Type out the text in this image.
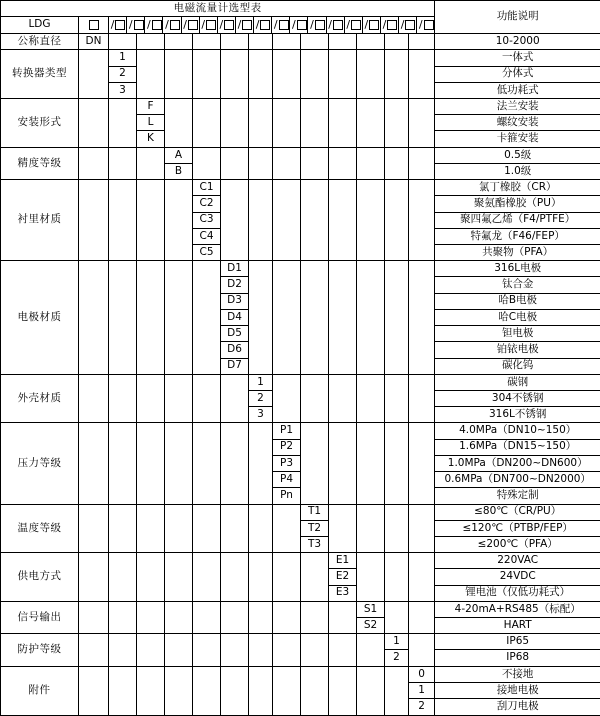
电磁流量计选型表														功能说明
LDG		/ / / / / / / / / / / / / / / / / /

公称直径	DN													10-2000
转换器类型		1												一体式
		2												分体式
		3												低功耗式
安装形式			F											法兰安装
			L											螺纹安装
			K											卡箍安装
精度等级				A										0.5级
				B										1.0级
衬里材质					C1									氯丁橡胶（CR）
					C2									聚氨酯橡胶（PU）
					C3									聚四氟乙烯（F4/PTFE）
					C4									特氟龙（F46/FEP）
					C5									共聚物（PFA）
电极材质						D1								316L电极
						D2								钛合金
						D3								哈B电极
						D4								哈C电极
						D5								钽电极
						D6								铂铱电极
						D7								碳化钨
外壳材质							1							碳钢
							2							304不锈钢
							3							316L不锈钢
压力等级								P1						4.0MPa（DN10~150）
								P2						1.6MPa（DN15~150）
								P3						1.0MPa（DN200~DN600）
								P4						0.6MPa（DN700~DN2000）
								Pn						特殊定制
温度等级									T1					≤80℃（CR/PU）
									T2					≤120℃（PTBP/FEP）
									T3					≤200℃（PFA）
供电方式										E1				220VAC
										E2				24VDC
										E3				锂电池（仅低功耗式）
信号输出											S1			4-20mA+RS485（标配）
											S2			HART
防护等级												1		IP65
												2		IP68
附件													0	不接地
													1	接地电极
													2	刮刀电极
